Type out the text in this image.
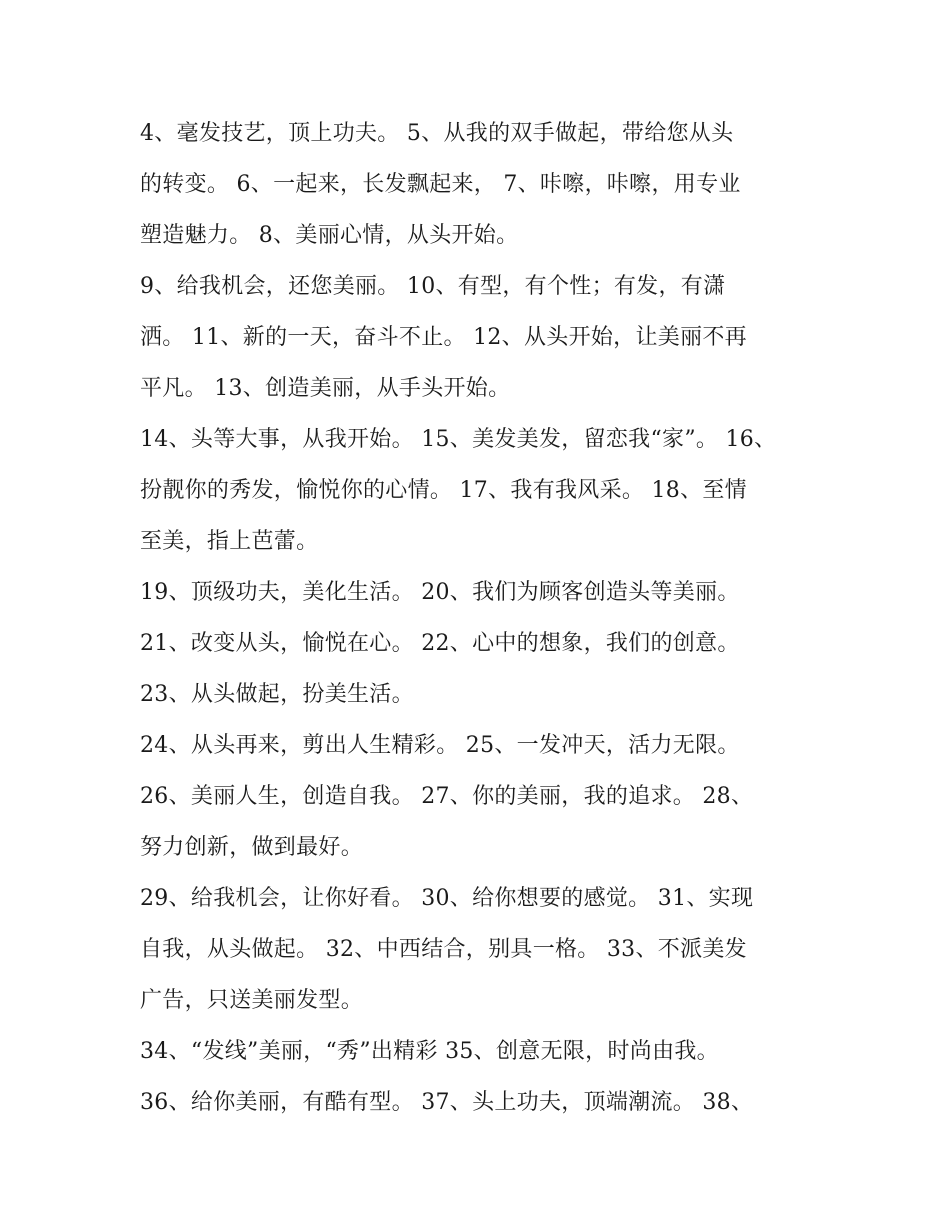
4、毫发技艺，顶上功夫。 5、从我的双手做起，带给您从头
的转变。 6、一起来，长发飘起来， 7、咔嚓，咔嚓，用专业
塑造魅力。 8、美丽心情，从头开始。
9、给我机会，还您美丽。 10、有型，有个性；有发，有潇
洒。 11、新的一天，奋斗不止。 12、从头开始，让美丽不再
平凡。 13、创造美丽，从手头开始。
14、头等大事，从我开始。 15、美发美发，留恋我“家”。 16、
扮靓你的秀发，愉悦你的心情。 17、我有我风采。 18、至情
至美，指上芭蕾。
19、顶级功夫，美化生活。 20、我们为顾客创造头等美丽。
21、改变从头，愉悦在心。 22、心中的想象，我们的创意。
23、从头做起，扮美生活。
24、从头再来，剪出人生精彩。 25、一发冲天，活力无限。
26、美丽人生，创造自我。 27、你的美丽，我的追求。 28、
努力创新，做到最好。
29、给我机会，让你好看。 30、给你想要的感觉。 31、实现
自我，从头做起。 32、中西结合，别具一格。 33、不派美发
广告，只送美丽发型。
34、“发线”美丽，“秀”出精彩 35、创意无限，时尚由我。
36、给你美丽，有酷有型。 37、头上功夫，顶端潮流。 38、
